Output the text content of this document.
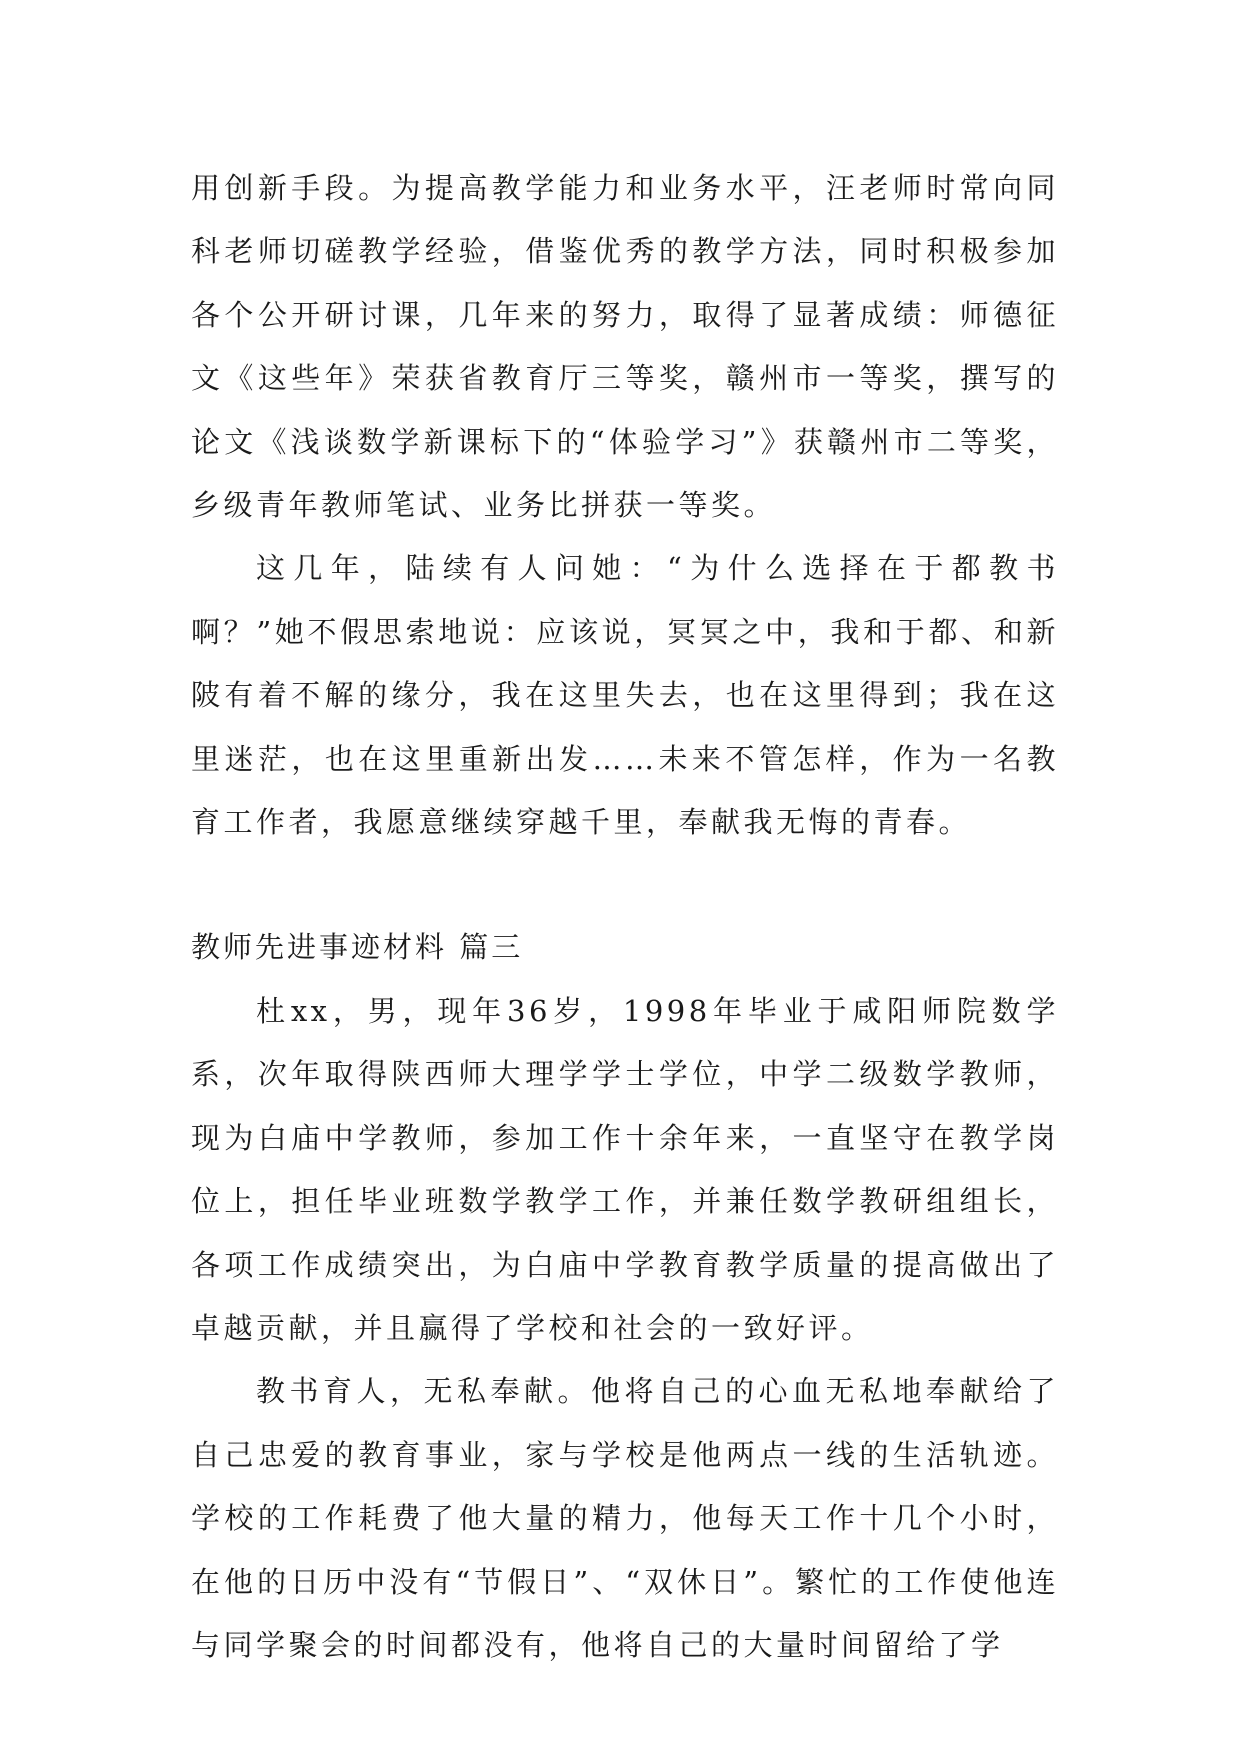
用创新手段。为提高教学能力和业务水平，汪老师时常向同科老师切磋教学经验，借鉴优秀的教学方法，同时积极参加各个公开研讨课，几年来的努力，取得了显著成绩：师德征文《这些年》荣获省教育厅三等奖，赣州市一等奖，撰写的论文《浅谈数学新课标下的“体验学习”》获赣州市二等奖，乡级青年教师笔试、业务比拼获一等奖。

这几年，陆续有人问她：“为什么选择在于都教书啊？”她不假思索地说：应该说，冥冥之中，我和于都、和新陂有着不解的缘分，我在这里失去，也在这里得到；我在这里迷茫，也在这里重新出发……未来不管怎样，作为一名教育工作者，我愿意继续穿越千里，奉献我无悔的青春。

教师先进事迹材料 篇三

杜xx，男，现年36岁，1998年毕业于咸阳师院数学系，次年取得陕西师大理学学士学位，中学二级数学教师，现为白庙中学教师，参加工作十余年来，一直坚守在教学岗位上，担任毕业班数学教学工作，并兼任数学教研组组长，各项工作成绩突出，为白庙中学教育教学质量的提高做出了卓越贡献，并且赢得了学校和社会的一致好评。

教书育人，无私奉献。他将自己的心血无私地奉献给了自己忠爱的教育事业，家与学校是他两点一线的生活轨迹。学校的工作耗费了他大量的精力，他每天工作十几个小时，在他的日历中没有“节假日”、“双休日”。繁忙的工作使他连与同学聚会的时间都没有，他将自己的大量时间留给了学
